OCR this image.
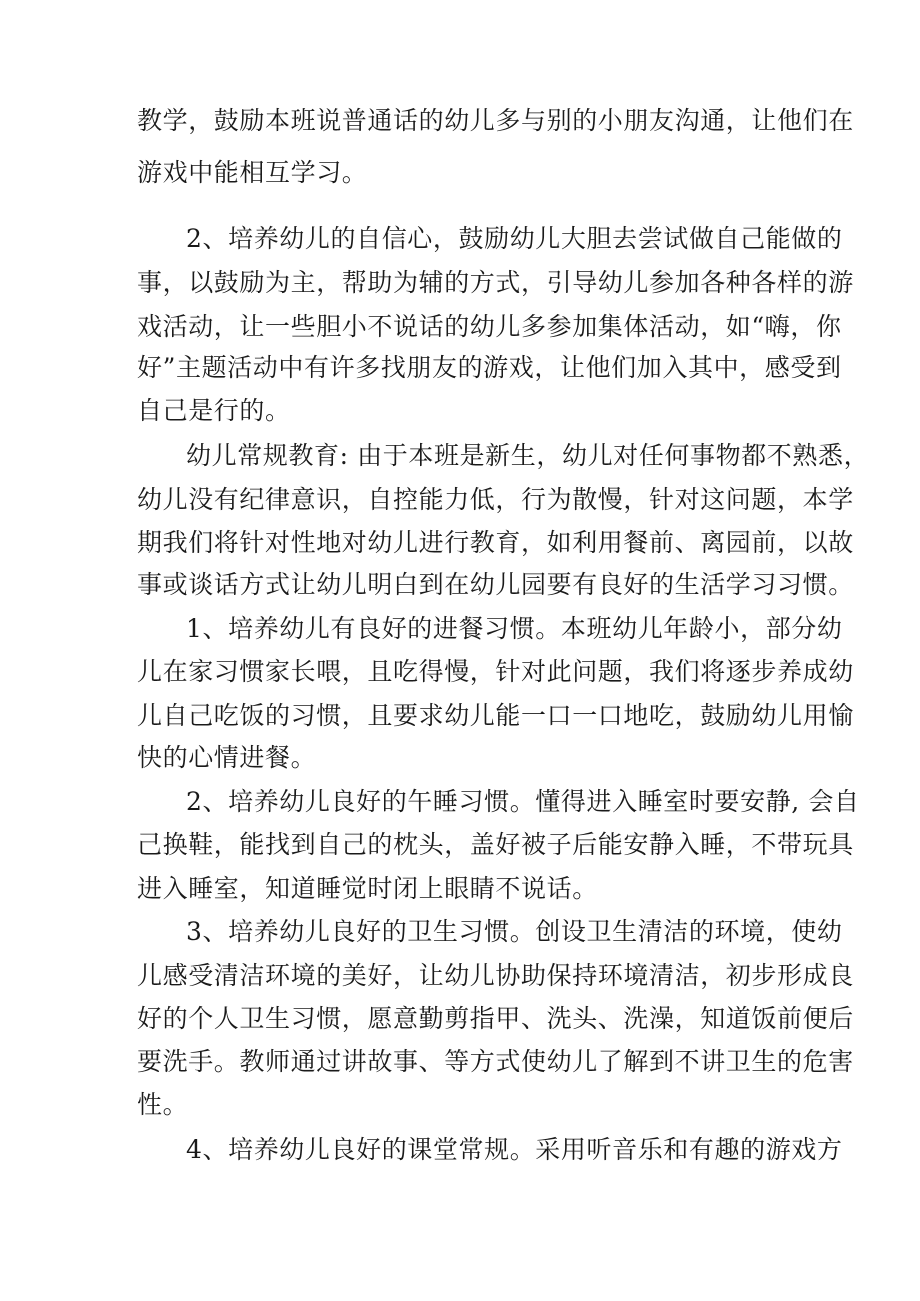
教学，鼓励本班说普通话的幼儿多与别的小朋友沟通，让他们在
游戏中能相互学习。
2、培养幼儿的自信心，鼓励幼儿大胆去尝试做自己能做的
事，以鼓励为主，帮助为辅的方式，引导幼儿参加各种各样的游
戏活动，让一些胆小不说话的幼儿多参加集体活动，如“嗨，你
好”主题活动中有许多找朋友的游戏，让他们加入其中，感受到
自己是行的。
幼儿常规教育: 由于本班是新生，幼儿对任何事物都不熟悉，
幼儿没有纪律意识，自控能力低，行为散慢，针对这问题，本学
期我们将针对性地对幼儿进行教育，如利用餐前、离园前，以故
事或谈话方式让幼儿明白到在幼儿园要有良好的生活学习习惯。
1、培养幼儿有良好的进餐习惯。本班幼儿年龄小，部分幼
儿在家习惯家长喂，且吃得慢，针对此问题，我们将逐步养成幼
儿自己吃饭的习惯，且要求幼儿能一口一口地吃，鼓励幼儿用愉
快的心情进餐。
2、培养幼儿良好的午睡习惯。懂得进入睡室时要安静, 会自
己换鞋，能找到自己的枕头，盖好被子后能安静入睡，不带玩具
进入睡室，知道睡觉时闭上眼睛不说话。
3、培养幼儿良好的卫生习惯。创设卫生清洁的环境，使幼
儿感受清洁环境的美好，让幼儿协助保持环境清洁，初步形成良
好的个人卫生习惯，愿意勤剪指甲、洗头、洗澡，知道饭前便后
要洗手。教师通过讲故事、等方式使幼儿了解到不讲卫生的危害
性。
4、培养幼儿良好的课堂常规。采用听音乐和有趣的游戏方
